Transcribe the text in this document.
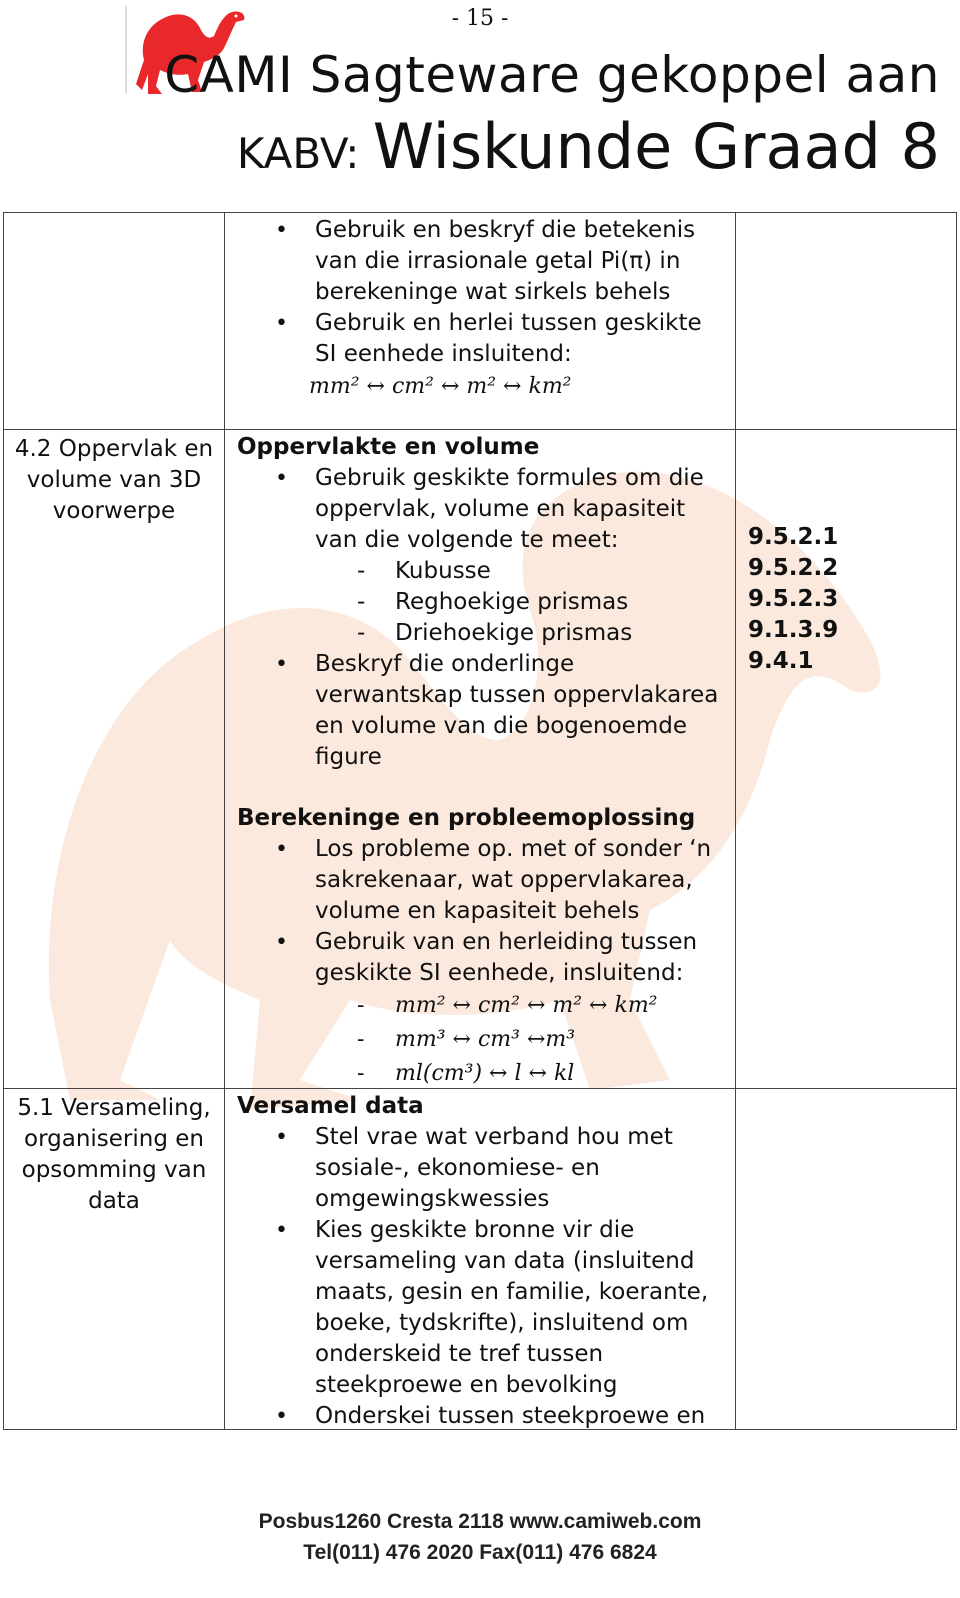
- 15 -
CAMI Sagteware gekoppel aan
KABV: Wiskunde Graad 8
• Gebruik en beskryf die betekenis van die irrasionale getal Pi(π) in berekeninge wat sirkels behels
• Gebruik en herlei tussen geskikte SI eenhede insluitend:
mm² ↔ cm² ↔ m² ↔ km²
4.2 Oppervlak en volume van 3D voorwerpe
Oppervlakte en volume
• Gebruik geskikte formules om die oppervlak, volume en kapasiteit van die volgende te meet:
- Kubusse
- Reghoekige prismas
- Driehoekige prismas
• Beskryf die onderlinge verwantskap tussen oppervlakarea en volume van die bogenoemde figure
Berekeninge en probleemoplossing
• Los probleme op. met of sonder ‘n sakrekenaar, wat oppervlakarea, volume en kapasiteit behels
• Gebruik van en herleiding tussen geskikte SI eenhede, insluitend:
- mm² ↔ cm² ↔ m² ↔ km²
- mm³ ↔ cm³ ↔m³
- ml(cm³) ↔ l ↔ kl
9.5.2.1
9.5.2.2
9.5.2.3
9.1.3.9
9.4.1
5.1 Versameling, organisering en opsomming van data
Versamel data
• Stel vrae wat verband hou met sosiale-, ekonomiese- en omgewingskwessies
• Kies geskikte bronne vir die versameling van data (insluitend maats, gesin en familie, koerante, boeke, tydskrifte), insluitend om onderskeid te tref tussen steekproewe en bevolking
• Onderskei tussen steekproewe en
Posbus1260 Cresta 2118 www.camiweb.com
Tel(011) 476 2020 Fax(011) 476 6824
